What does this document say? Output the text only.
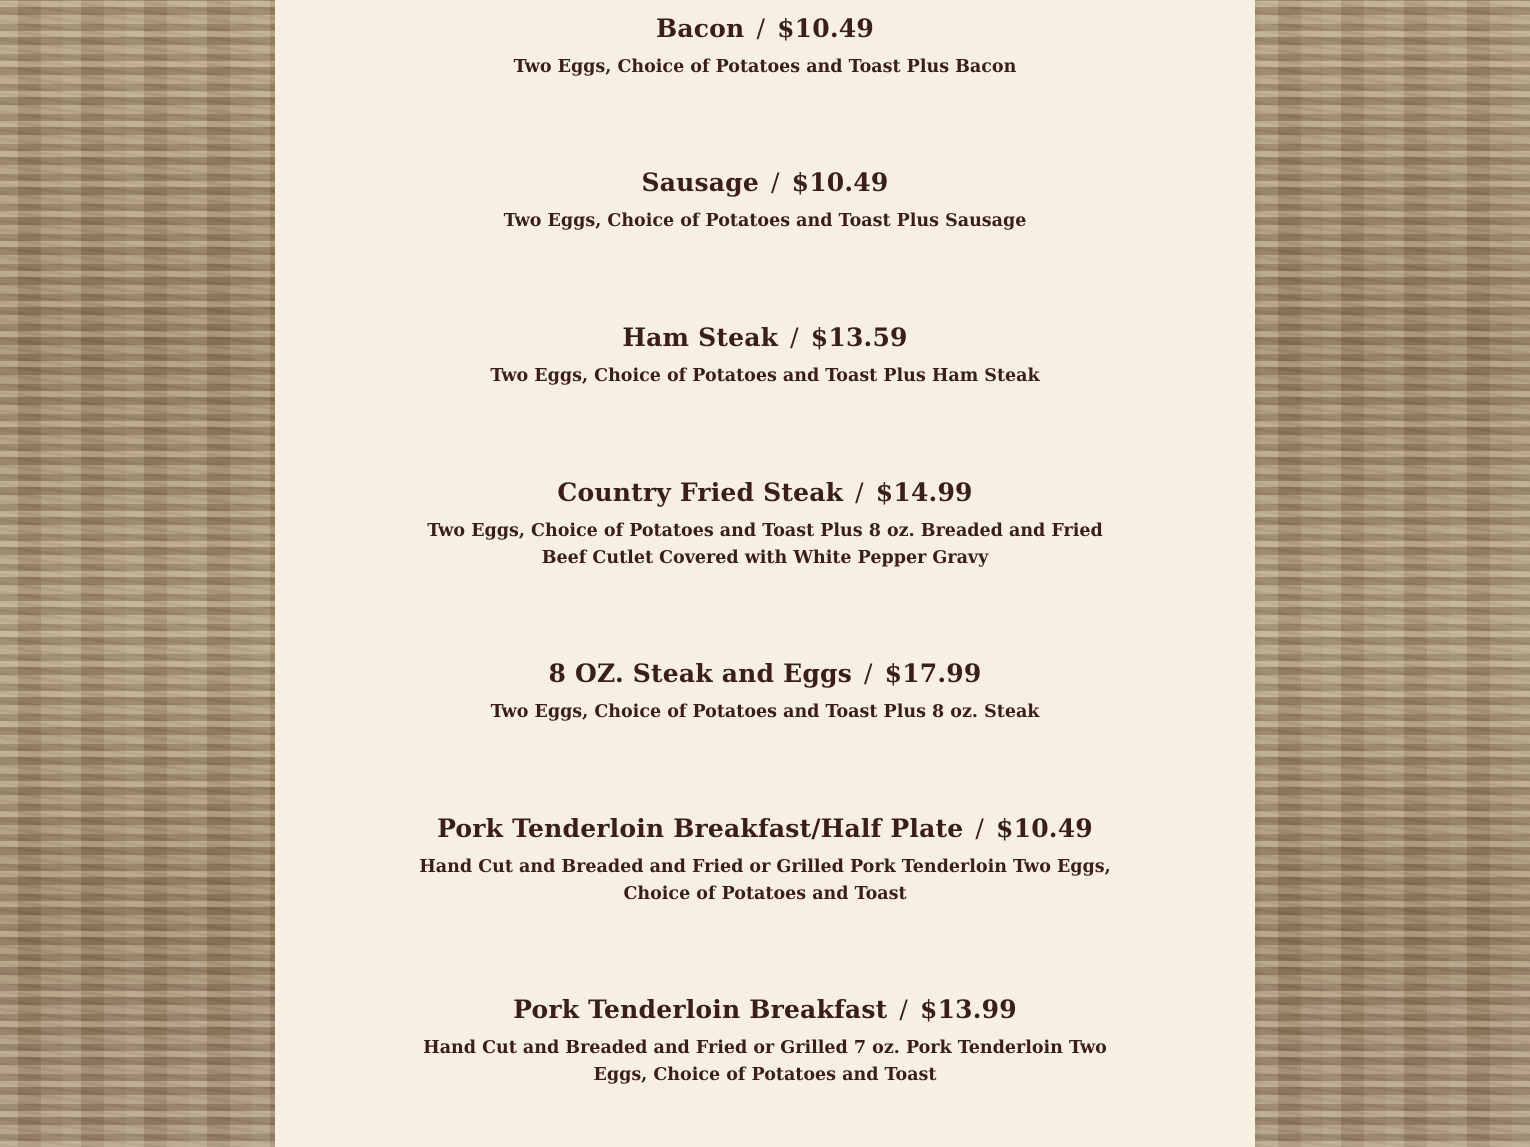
Bacon / $10.49

Two Eggs, Choice of Potatoes and Toast Plus Bacon

Sausage / $10.49

Two Eggs, Choice of Potatoes and Toast Plus Sausage

Ham Steak / $13.59

Two Eggs, Choice of Potatoes and Toast Plus Ham Steak

Country Fried Steak / $14.99

Two Eggs, Choice of Potatoes and Toast Plus 8 oz. Breaded and Fried Beef Cutlet Covered with White Pepper Gravy

8 OZ. Steak and Eggs / $17.99

Two Eggs, Choice of Potatoes and Toast Plus 8 oz. Steak

Pork Tenderloin Breakfast/Half Plate / $10.49

Hand Cut and Breaded and Fried or Grilled Pork Tenderloin Two Eggs, Choice of Potatoes and Toast

Pork Tenderloin Breakfast / $13.99

Hand Cut and Breaded and Fried or Grilled 7 oz. Pork Tenderloin Two Eggs, Choice of Potatoes and Toast
